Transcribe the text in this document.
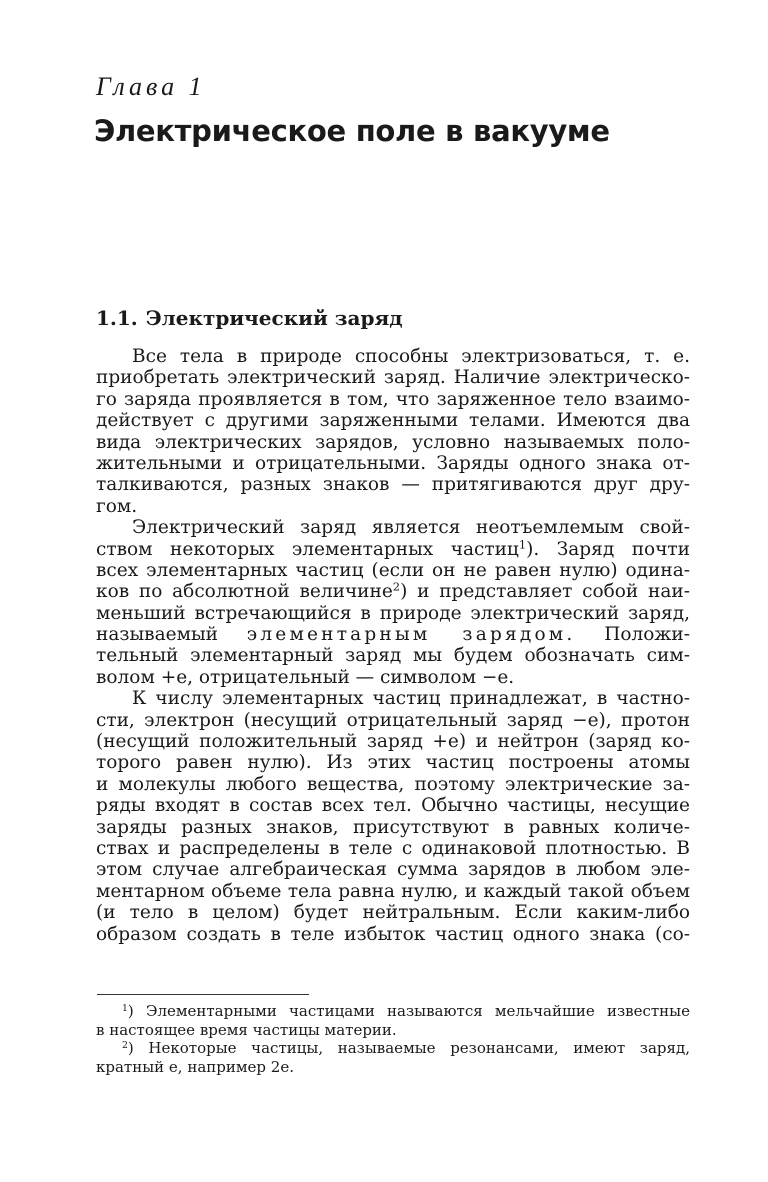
Глава 1
Электрическое поле в вакууме
1.1. Электрический заряд
Все тела в природе способны электризоваться, т. е.
приобретать электрический заряд. Наличие электрическо-
го заряда проявляется в том, что заряженное тело взаимо-
действует с другими заряженными телами. Имеются два
вида электрических зарядов, условно называемых поло-
жительными и отрицательными. Заряды одного знака от-
талкиваются, разных знаков — притягиваются друг дру-
гом.
Электрический заряд является неотъемлемым свой-
ством некоторых элементарных частиц$^1$). Заряд почти
всех элементарных частиц (если он не равен нулю) одина-
ков по абсолютной величине$^2$) и представляет собой наи-
меньший встречающийся в природе электрический заряд,
называемый элементарным зарядом. Положи-
тельный элементарный заряд мы будем обозначать сим-
волом +e, отрицательный — символом −e.
К числу элементарных частиц принадлежат, в частно-
сти, электрон (несущий отрицательный заряд −e), протон
(несущий положительный заряд +e) и нейтрон (заряд ко-
торого равен нулю). Из этих частиц построены атомы
и молекулы любого вещества, поэтому электрические за-
ряды входят в состав всех тел. Обычно частицы, несущие
заряды разных знаков, присутствуют в равных количе-
ствах и распределены в теле с одинаковой плотностью. В
этом случае алгебраическая сумма зарядов в любом эле-
ментарном объеме тела равна нулю, и каждый такой объем
(и тело в целом) будет нейтральным. Если каким-либо
образом создать в теле избыток частиц одного знака (со-
$^1$) Элементарными частицами называются мельчайшие известные
в настоящее время частицы материи.
$^2$) Некоторые частицы, называемые резонансами, имеют заряд,
кратный e, например 2e.
